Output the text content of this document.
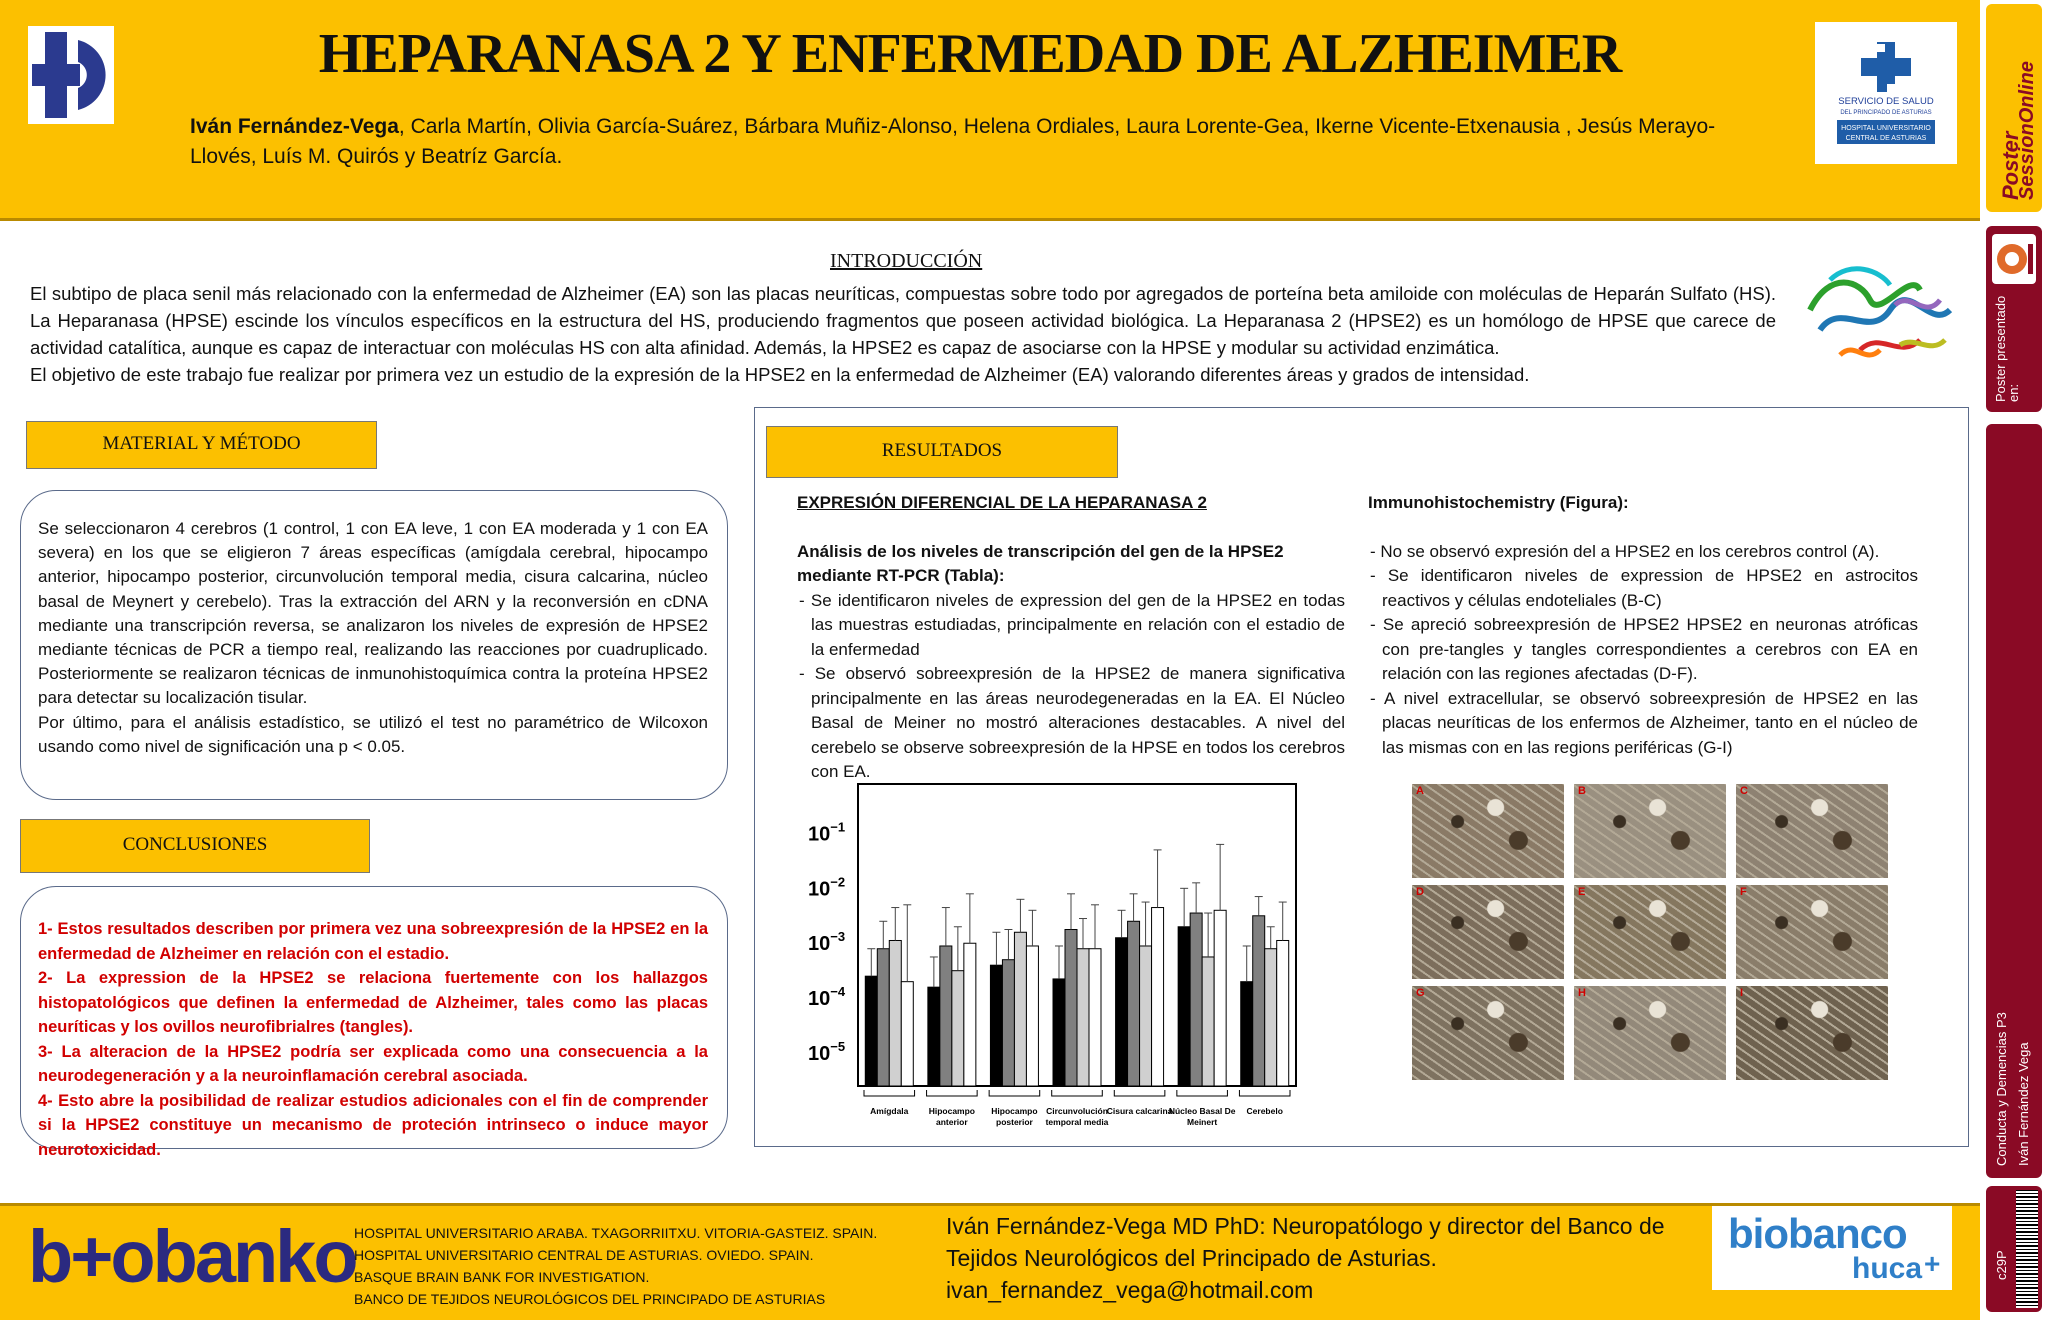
HEPARANASA 2 Y ENFERMEDAD DE ALZHEIMER
Iván Fernández-Vega, Carla Martín, Olivia García-Suárez, Bárbara Muñiz-Alonso, Helena Ordiales, Laura Lorente-Gea, Ikerne Vicente-Etxenausia , Jesús Merayo-Llovés, Luís M. Quirós y Beatríz García.
SERVICIO DE SALUD
DEL PRINCIPADO DE ASTURIAS
HOSPITAL UNIVERSITARIO
CENTRAL DE ASTURIAS	Poster
SessionOnline
Poster presentado en:
Conducta y Demencias P3 Iván Fernández Vega
c29P
INTRODUCCIÓN

El subtipo de placa senil más relacionado con la enfermedad de Alzheimer (EA) son las placas neuríticas, compuestas sobre todo por agregados de porteína beta amiloide con moléculas de Heparán Sulfato (HS). La Heparanasa (HPSE) escinde los vínculos específicos en la estructura del HS, produciendo fragmentos que poseen actividad biológica. La Heparanasa 2 (HPSE2) es un homólogo de HPSE que carece de actividad catalítica, aunque es capaz de interactuar con moléculas HS con alta afinidad. Además, la HPSE2 es capaz de asociarse con la HPSE y modular su actividad enzimática.

El objetivo de este trabajo fue realizar por primera vez un estudio de la expresión de la HPSE2 en la enfermedad de Alzheimer (EA) valorando diferentes áreas y grados de intensidad.

MATERIAL Y MÉTODO

Se seleccionaron 4 cerebros (1 control, 1 con EA leve, 1 con EA moderada y 1 con EA severa) en los que se eligieron 7 áreas específicas (amígdala cerebral, hipocampo anterior, hipocampo posterior, circunvolución temporal media, cisura calcarina, núcleo basal de Meynert y cerebelo). Tras la extracción del ARN y la reconversión en cDNA mediante una transcripción reversa, se analizaron los niveles de expresión de HPSE2 mediante técnicas de PCR a tiempo real, realizando las reacciones por cuadruplicado. Posteriormente se realizaron técnicas de inmunohistoquímica contra la proteína HPSE2 para detectar su localización tisular.

Por último, para el análisis estadístico, se utilizó el test no paramétrico de Wilcoxon usando como nivel de significación una p < 0.05.

CONCLUSIONES

1- Estos resultados describen por primera vez una sobreexpresión de la HPSE2 en la enfermedad de Alzheimer en relación con el estadio.

2- La expression de la HPSE2 se relaciona fuertemente con los hallazgos histopatológicos que definen la enfermedad de Alzheimer, tales como las placas neuríticas y los ovillos neurofibrialres (tangles).

3- La alteracion de la HPSE2 podría ser explicada como una consecuencia a la neurodegeneración y a la neuroinflamación cerebral asociada.

4- Esto abre la posibilidad de realizar estudios adicionales con el fin de comprender si la HPSE2 constituye un mecanismo de proteción intrinseco o induce mayor neurotoxicidad.

RESULTADOS
EXPRESIÓN DIFERENCIAL DE LA HEPARANASA 2
Análisis de los niveles de transcripción del gen de la HPSE2 mediante RT-PCR (Tabla):
- Se identificaron niveles de expression del gen de la HPSE2 en todas las muestras estudiadas, principalmente en relación con el estadio de la enfermedad
- Se observó sobreexpresión de la HPSE2 de manera significativa principalmente en las áreas neurodegeneradas en la EA. El Núcleo Basal de Meiner no mostró alteraciones destacables. A nivel del cerebelo se observe sobreexpresión de la HPSE en todos los cerebros con EA.
Immunohistochemistry (Figura):
- No se observó expresión del a HPSE2 en los cerebros control (A).
- Se identificaron niveles de expression de HPSE2 en astrocitos reactivos y células endoteliales (B-C)
- Se apreció sobreexpresión de HPSE2 HPSE2 en neuronas atróficas con pre-tangles y tangles correspondientes a cerebros con EA en relación con las regiones afectadas (D-F).
- A nivel extracellular, se observó sobreexpresión de HPSE2 en las placas neuríticas de los enfermos de Alzheimer, tanto en el núcleo de las mismas con en las regions periféricas (G-I)
$10^{-1}$
$10^{-2}$
$10^{-3}$
$10^{-4}$
$10^{-5}$
Amígdala Hipocampo anterior
Hipocampo posterior
Circunvolución temporal media
Cisura calcarina
Núcleo Basal De Meinert
Cerebelo
A	B	C
D	E	F
G	H	I
b+obanko
HOSPITAL UNIVERSITARIO ARABA. TXAGORRIITXU. VITORIA-GASTEIZ. SPAIN.
HOSPITAL UNIVERSITARIO CENTRAL DE ASTURIAS. OVIEDO. SPAIN.
BASQUE BRAIN BANK FOR INVESTIGATION.
BANCO DE TEJIDOS NEUROLÓGICOS DEL PRINCIPADO DE ASTURIAS
Iván Fernández-Vega MD PhD: Neuropatólogo y director del Banco de
Tejidos Neurológicos del Principado de Asturias.
ivan_fernandez_vega@hotmail.com
biobanco
huca +
